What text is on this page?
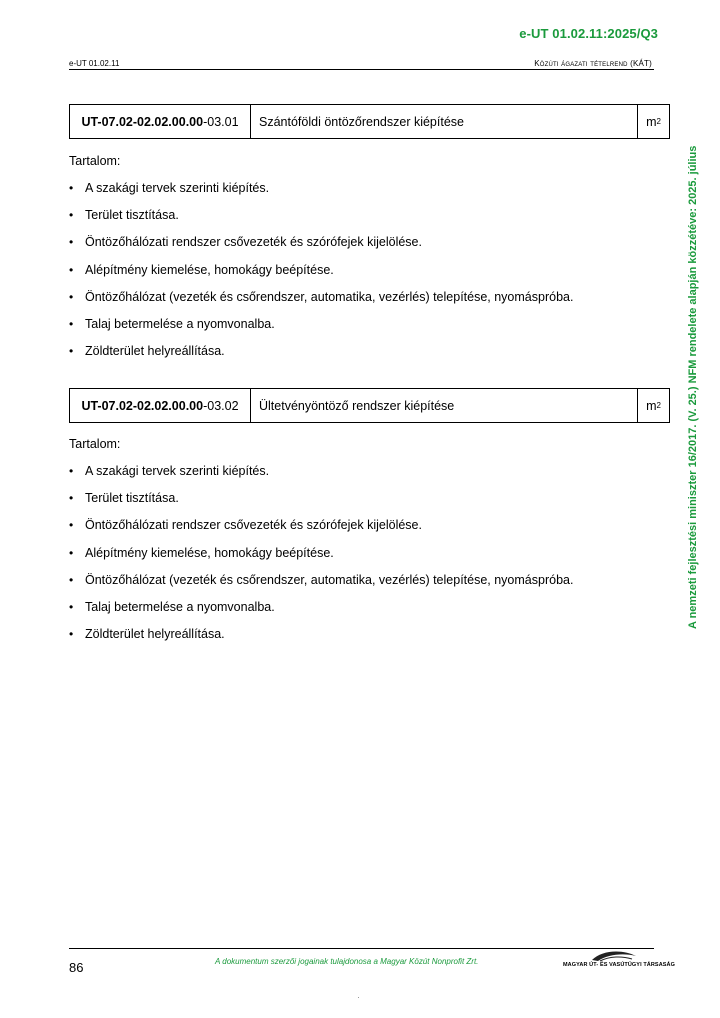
e-UT 01.02.11:2025/Q3
e-UT 01.02.11	Közúti ágazati tételrend (KÁT)
A nemzeti fejlesztési miniszter 16/2017. (V. 25.) NFM rendelete alapján közzétéve: 2025. július
UT-07.02-02.02.00.00 -03.01	Szántóföldi öntözőrendszer kiépítése	m 2
Tartalom:
• A szakági tervek szerinti kiépítés.
• Terület tisztítása.
• Öntözőhálózati rendszer csővezeték és szórófejek kijelölése.
• Alépítmény kiemelése, homokágy beépítése.
• Öntözőhálózat (vezeték és csőrendszer, automatika, vezérlés) telepítése, nyomáspróba.
• Talaj betermelése a nyomvonalba.
• Zöldterület helyreállítása.
UT-07.02-02.02.00.00 -03.02	Ültetvényöntöző rendszer kiépítése	m 2
Tartalom:
• A szakági tervek szerinti kiépítés.
• Terület tisztítása.
• Öntözőhálózati rendszer csővezeték és szórófejek kijelölése.
• Alépítmény kiemelése, homokágy beépítése.
• Öntözőhálózat (vezeték és csőrendszer, automatika, vezérlés) telepítése, nyomáspróba.
• Talaj betermelése a nyomvonalba.
• Zöldterület helyreállítása.
86	A dokumentum szerzői jogainak tulajdonosa a Magyar Közút Nonprofit Zrt.	MAGYAR ÚT- ÉS VASÚTÜGYI TÁRSASÁG
